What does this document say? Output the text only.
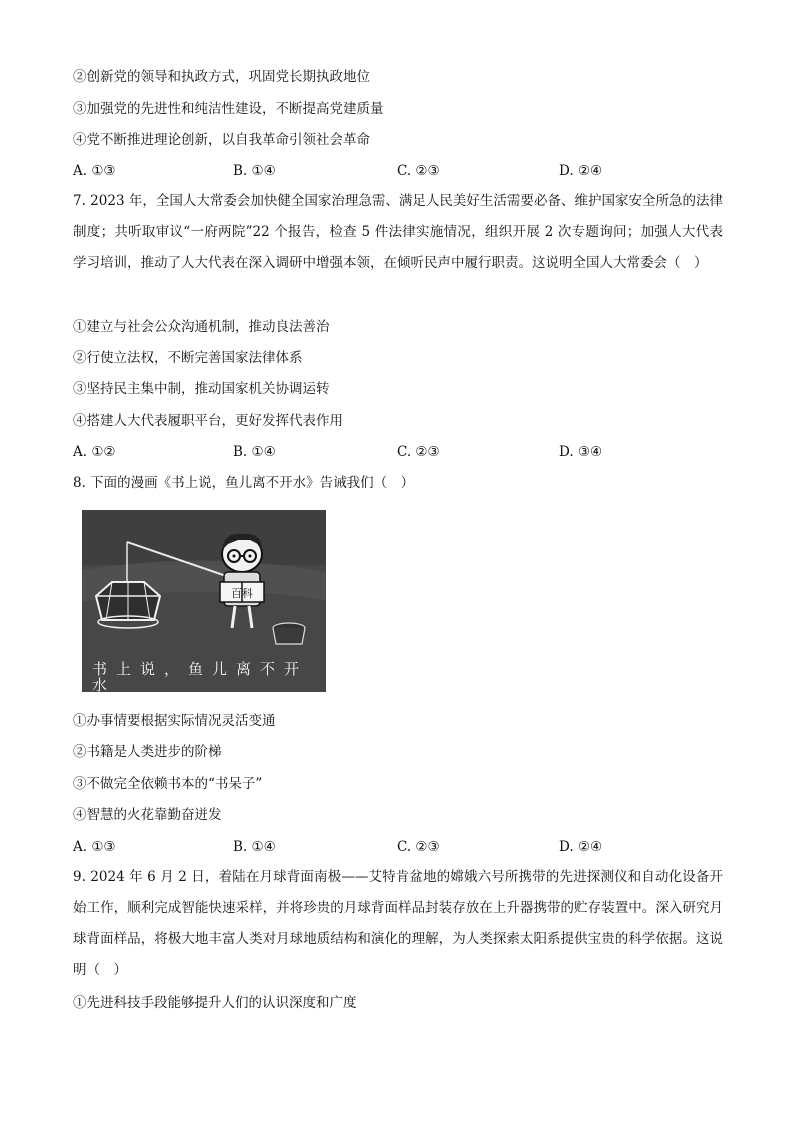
②创新党的领导和执政方式，巩固党长期执政地位
③加强党的先进性和纯洁性建设，不断提高党建质量
④党不断推进理论创新，以自我革命引领社会革命
A. ①③	B. ①④	C. ②③	D. ②④
7. 2023 年，全国人大常委会加快健全国家治理急需、满足人民美好生活需要必备、维护国家安全所急的法律制度；共听取审议“一府两院”22 个报告，检查 5 件法律实施情况，组织开展 2 次专题询问；加强人大代表学习培训，推动了人大代表在深入调研中增强本领，在倾听民声中履行职责。这说明全国人大常委会（　）
①建立与社会公众沟通机制，推动良法善治
②行使立法权，不断完善国家法律体系
③坚持民主集中制，推动国家机关协调运转
④搭建人大代表履职平台，更好发挥代表作用
A. ①②	B. ①④	C. ②③	D. ③④
8. 下面的漫画《书上说，鱼儿离不开水》告诫我们（　）
百科
书上说，鱼儿离不开
水
①办事情要根据实际情况灵活变通
②书籍是人类进步的阶梯
③不做完全依赖书本的“书呆子”
④智慧的火花靠勤奋迸发
A. ①③	B. ①④	C. ②③	D. ②④
9. 2024 年 6 月 2 日，着陆在月球背面南极——艾特肯盆地的嫦娥六号所携带的先进探测仪和自动化设备开始工作，顺利完成智能快速采样，并将珍贵的月球背面样品封装存放在上升器携带的贮存装置中。深入研究月球背面样品，将极大地丰富人类对月球地质结构和演化的理解，为人类探索太阳系提供宝贵的科学依据。这说明（　）
①先进科技手段能够提升人们的认识深度和广度
